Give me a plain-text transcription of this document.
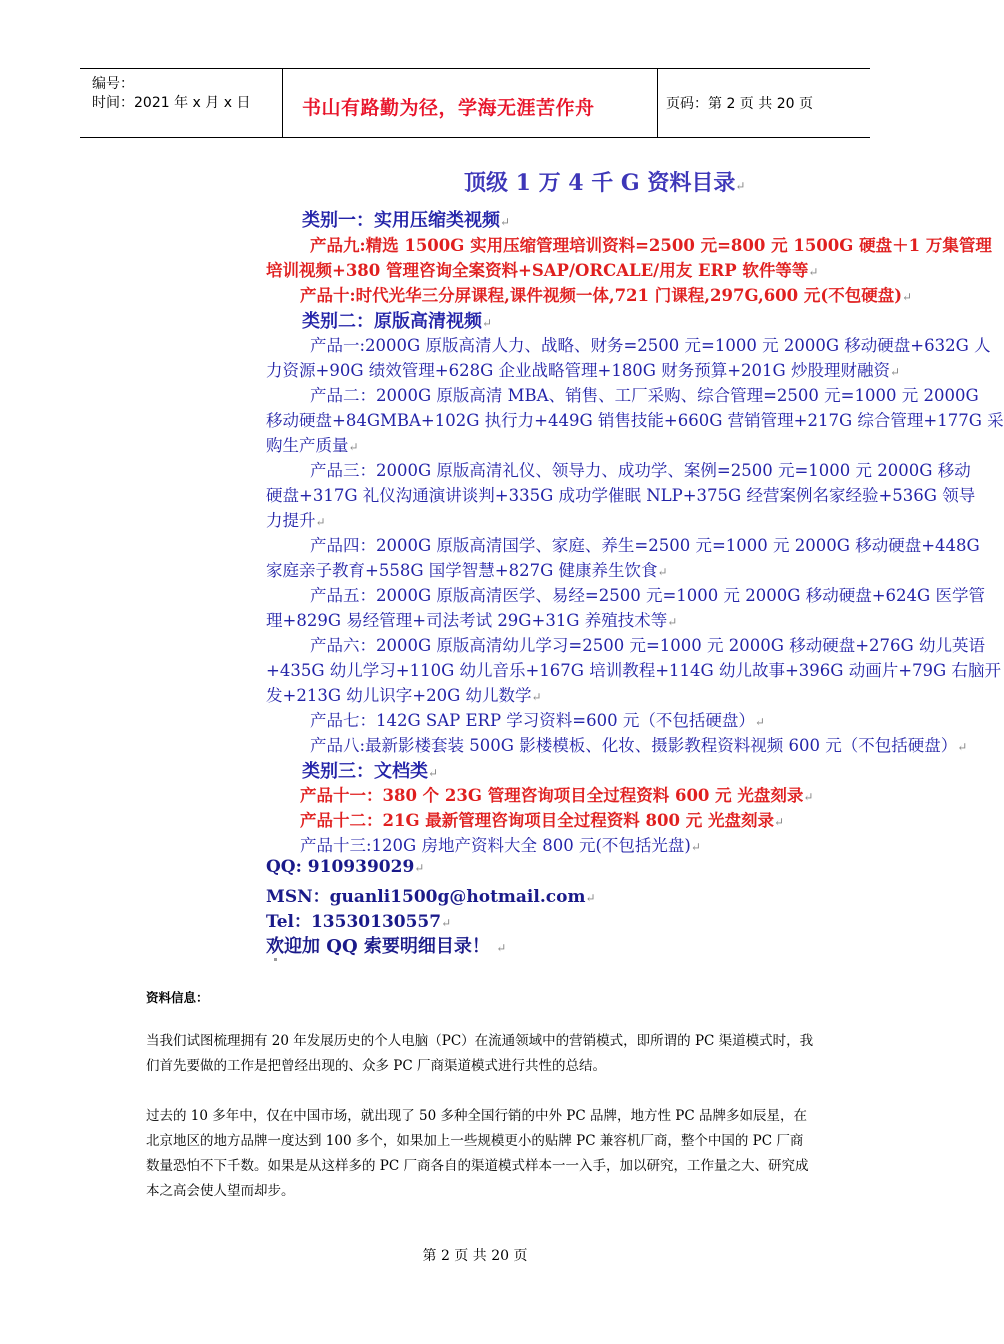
编号：
时间：2021 年 x 月 x 日	书山有路勤为径，学海无涯苦作舟	页码：第 2 页 共 20 页
顶级 1 万 4 千 G 资料目录↵
类别一：实用压缩类视频↵
产品九:精选 1500G 实用压缩管理培训资料=2500 元=800 元 1500G 硬盘＋1 万集管理
培训视频+380 管理咨询全案资料+SAP/ORCALE/用友 ERP 软件等等↵
产品十:时代光华三分屏课程,课件视频一体,721 门课程,297G,600 元(不包硬盘)↵
类别二：原版高清视频↵
产品一:2000G 原版高清人力、战略、财务=2500 元=1000 元 2000G 移动硬盘+632G 人
力资源+90G 绩效管理+628G 企业战略管理+180G 财务预算+201G 炒股理财融资↵
产品二：2000G 原版高清 MBA、销售、工厂采购、综合管理=2500 元=1000 元 2000G
移动硬盘+84GMBA+102G 执行力+449G 销售技能+660G 营销管理+217G 综合管理+177G 采
购生产质量↵
产品三：2000G 原版高清礼仪、领导力、成功学、案例=2500 元=1000 元 2000G 移动
硬盘+317G 礼仪沟通演讲谈判+335G 成功学催眠 NLP+375G 经营案例名家经验+536G 领导
力提升↵
产品四：2000G 原版高清国学、家庭、养生=2500 元=1000 元 2000G 移动硬盘+448G
家庭亲子教育+558G 国学智慧+827G 健康养生饮食↵
产品五：2000G 原版高清医学、易经=2500 元=1000 元 2000G 移动硬盘+624G 医学管
理+829G 易经管理+司法考试 29G+31G 养殖技术等↵
产品六：2000G 原版高清幼儿学习=2500 元=1000 元 2000G 移动硬盘+276G 幼儿英语
+435G 幼儿学习+110G 幼儿音乐+167G 培训教程+114G 幼儿故事+396G 动画片+79G 右脑开
发+213G 幼儿识字+20G 幼儿数学↵
产品七：142G SAP ERP 学习资料=600 元（不包括硬盘）↵
产品八:最新影楼套装 500G 影楼模板、化妆、摄影教程资料视频 600 元（不包括硬盘）↵
类别三：文档类↵
产品十一：380 个 23G 管理咨询项目全过程资料 600 元 光盘刻录↵
产品十二：21G 最新管理咨询项目全过程资料 800 元 光盘刻录↵
产品十三:120G 房地产资料大全 800 元(不包括光盘)↵
QQ: 910939029↵
MSN：guanli1500g@hotmail.com↵
Tel：13530130557↵
欢迎加 QQ 索要明细目录！ ↵
资料信息：
当我们试图梳理拥有 20 年发展历史的个人电脑（PC）在流通领域中的营销模式，即所谓的 PC 渠道模式时，我们首先要做的工作是把曾经出现的、众多 PC 厂商渠道模式进行共性的总结。
过去的 10 多年中，仅在中国市场，就出现了 50 多种全国行销的中外 PC 品牌，地方性 PC 品牌多如辰星，在北京地区的地方品牌一度达到 100 多个，如果加上一些规模更小的贴牌 PC 兼容机厂商，整个中国的 PC 厂商数量恐怕不下千数。如果是从这样多的 PC 厂商各自的渠道模式样本一一入手，加以研究，工作量之大、研究成本之高会使人望而却步。
第 2 页 共 20 页
